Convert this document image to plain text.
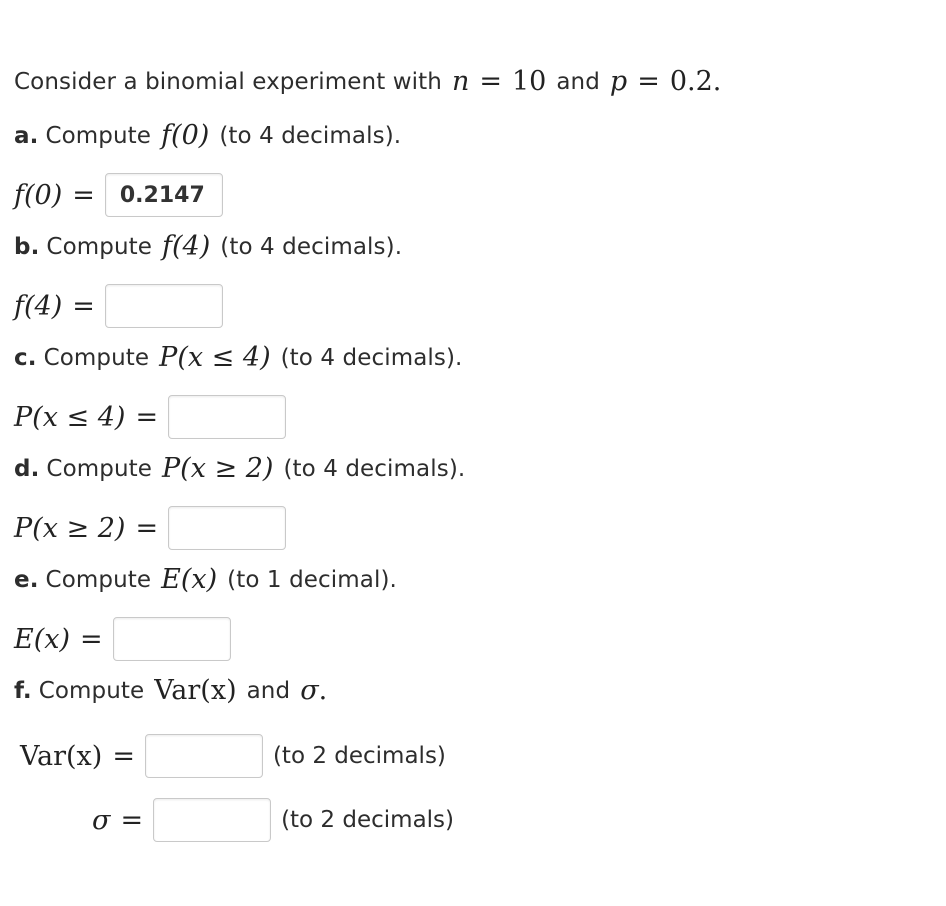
Consider a binomial experiment with n = 10 and p = 0.2 .
a. Compute f(0) (to 4 decimals).
f(0) =
0.2147
b. Compute f(4) (to 4 decimals).
f(4) =
c. Compute P(x ≤ 4) (to 4 decimals).
P(x ≤ 4) =
d. Compute P(x ≥ 2) (to 4 decimals).
P(x ≥ 2) =
e. Compute E(x) (to 1 decimal).
E(x) =
f. Compute Var(x) and σ .
Var(x) =	(to 2 decimals)
σ =	(to 2 decimals)
